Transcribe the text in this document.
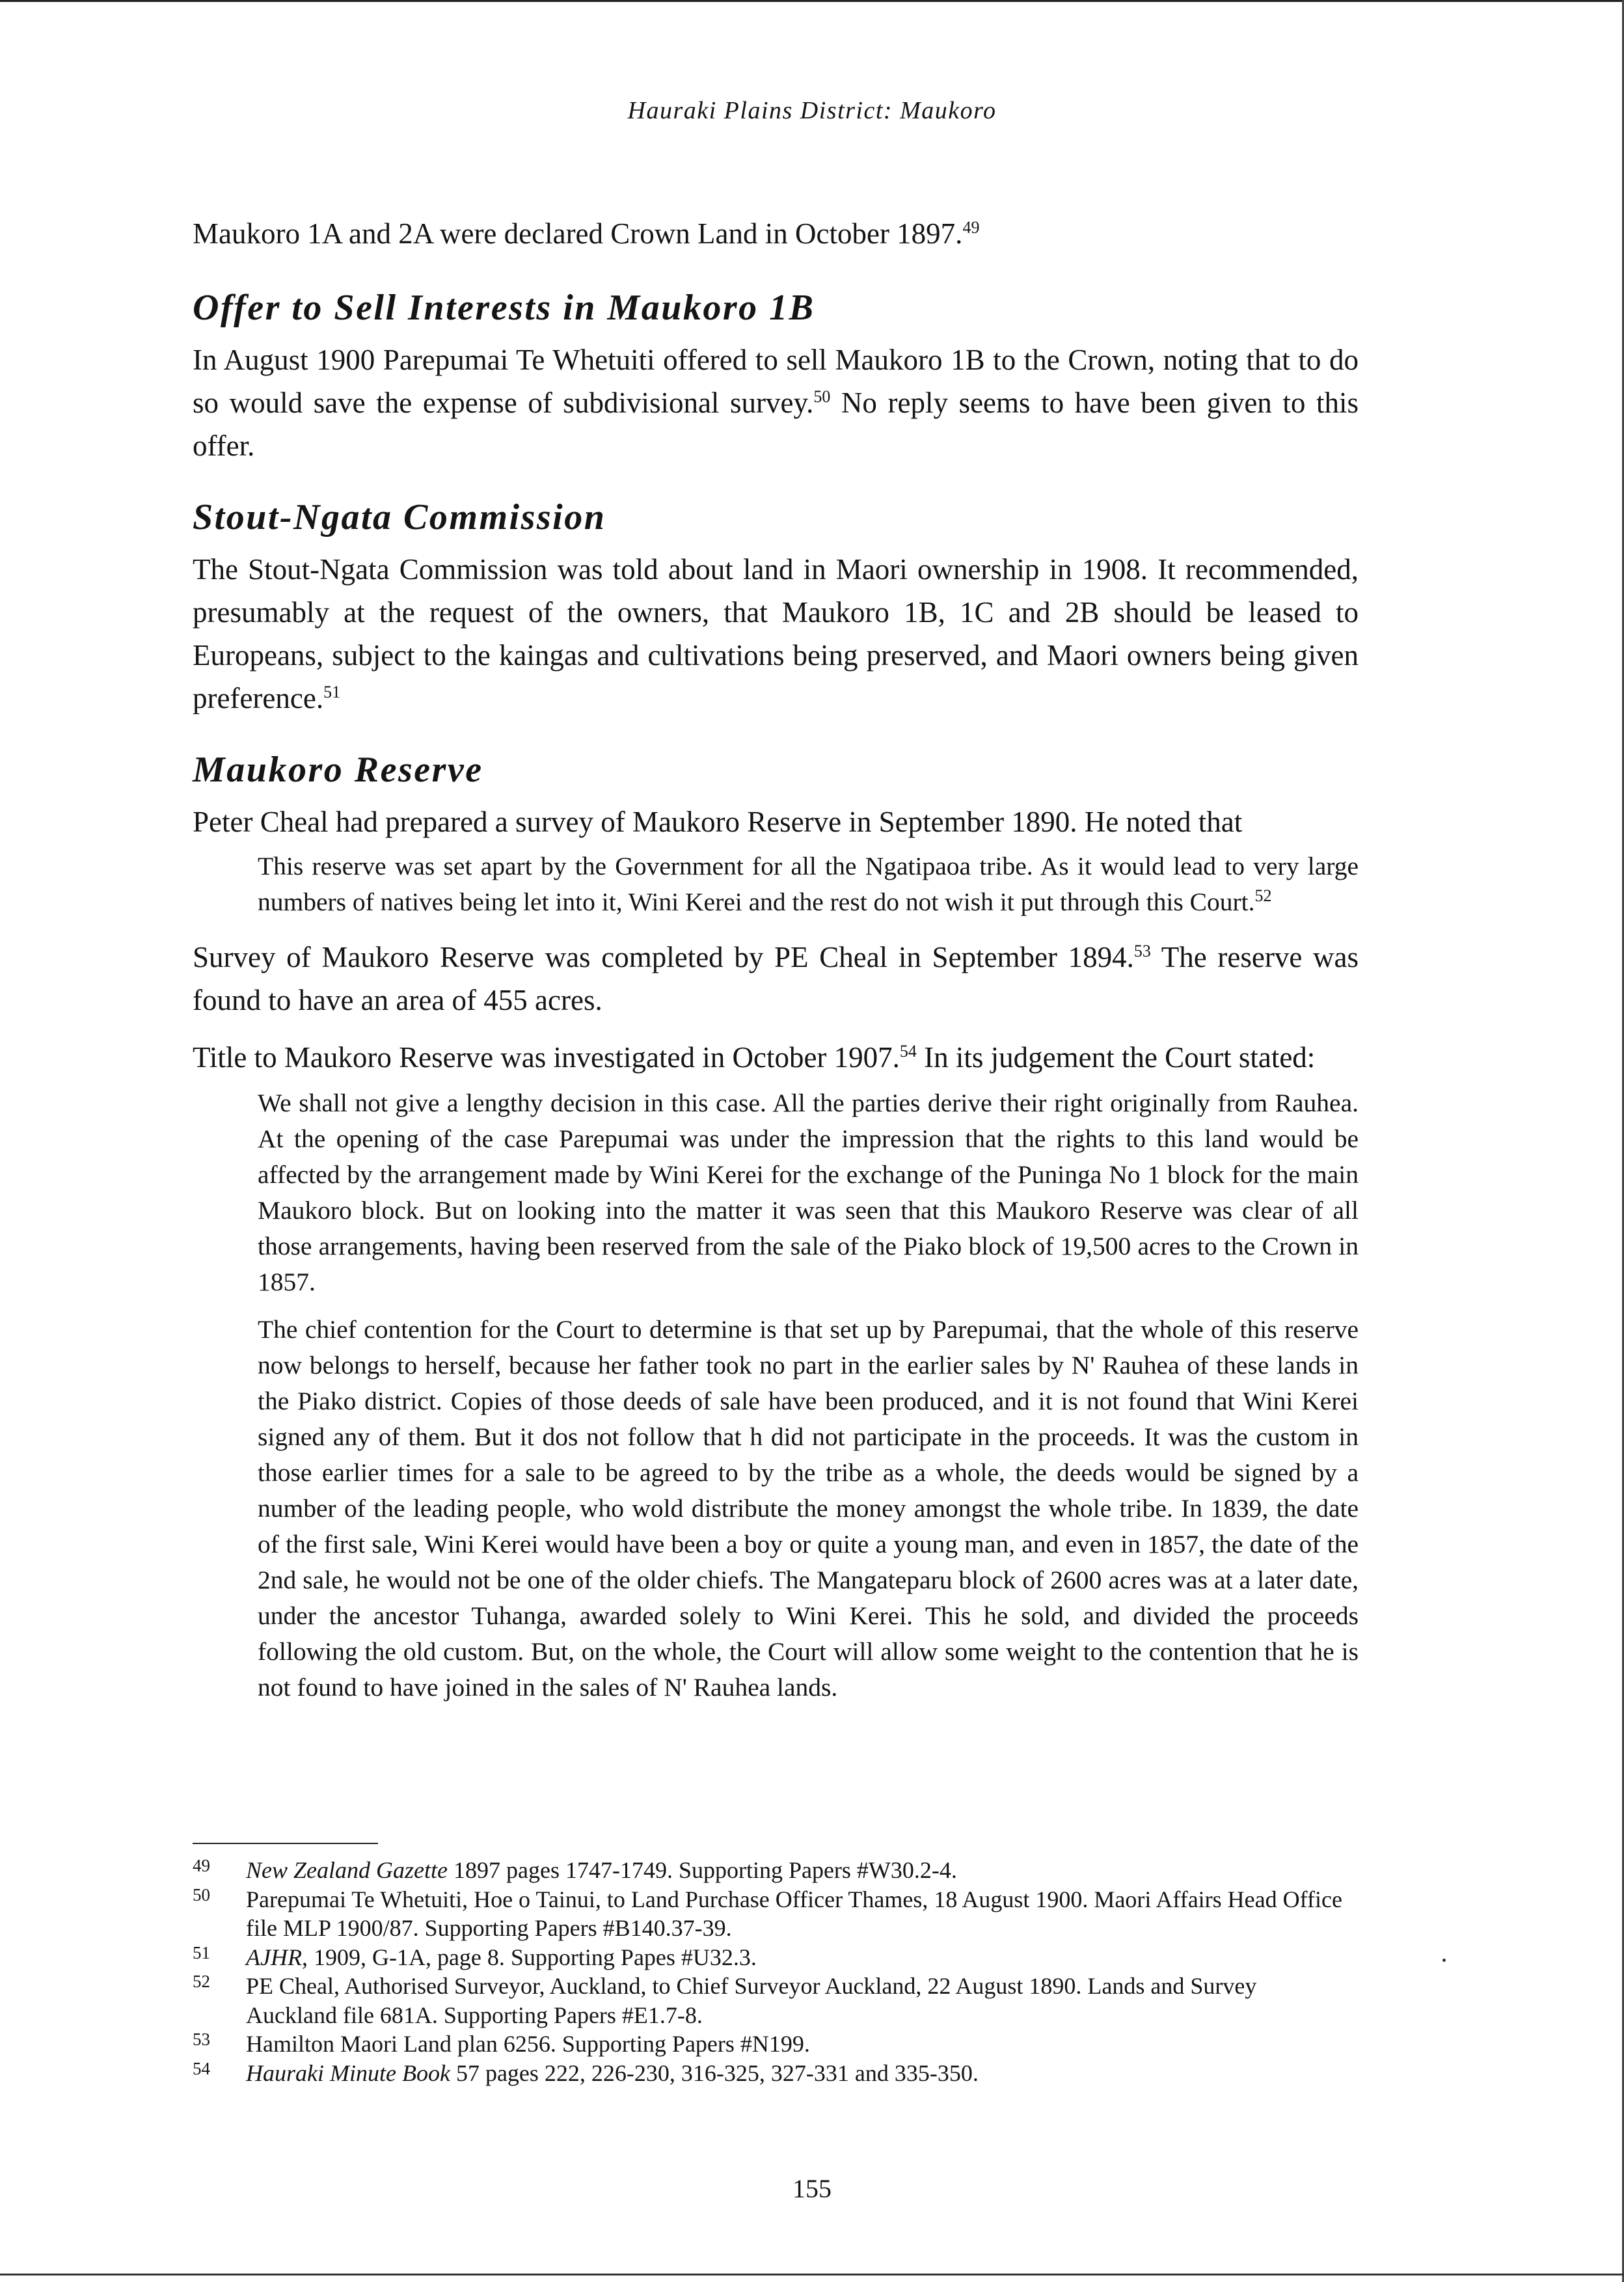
Hauraki Plains District: Maukoro

Maukoro 1A and 2A were declared Crown Land in October 1897.49

Offer to Sell Interests in Maukoro 1B

In August 1900 Parepumai Te Whetuiti offered to sell Maukoro 1B to the Crown, noting that to do so would save the expense of subdivisional survey.$^{50}$ No reply seems to have been given to this offer.

Stout-Ngata Commission

The Stout-Ngata Commission was told about land in Maori ownership in 1908. It recommended, presumably at the request of the owners, that Maukoro 1B, 1C and 2B should be leased to Europeans, subject to the kaingas and cultivations being preserved, and Maori owners being given preference.$^{51}$

Maukoro Reserve

Peter Cheal had prepared a survey of Maukoro Reserve in September 1890. He noted that

This reserve was set apart by the Government for all the Ngatipaoa tribe. As it would lead to very large numbers of natives being let into it, Wini Kerei and the rest do not wish it put through this Court.$^{52}$

Survey of Maukoro Reserve was completed by PE Cheal in September 1894.53 The reserve was found to have an area of 455 acres.

Title to Maukoro Reserve was investigated in October 1907.54 In its judgement the Court stated:

We shall not give a lengthy decision in this case. All the parties derive their right originally from Rauhea. At the opening of the case Parepumai was under the impression that the rights to this land would be affected by the arrangement made by Wini Kerei for the exchange of the Puninga No 1 block for the main Maukoro block. But on looking into the matter it was seen that this Maukoro Reserve was clear of all those arrangements, having been reserved from the sale of the Piako block of 19,500 acres to the Crown in 1857.

The chief contention for the Court to determine is that set up by Parepumai, that the whole of this reserve now belongs to herself, because her father took no part in the earlier sales by N' Rauhea of these lands in the Piako district. Copies of those deeds of sale have been produced, and it is not found that Wini Kerei signed any of them. But it dos not follow that h did not participate in the proceeds. It was the custom in those earlier times for a sale to be agreed to by the tribe as a whole, the deeds would be signed by a number of the leading people, who wold distribute the money amongst the whole tribe. In 1839, the date of the first sale, Wini Kerei would have been a boy or quite a young man, and even in 1857, the date of the 2nd sale, he would not be one of the older chiefs. The Mangateparu block of 2600 acres was at a later date, under the ancestor Tuhanga, awarded solely to Wini Kerei. This he sold, and divided the proceeds following the old custom. But, on the whole, the Court will allow some weight to the contention that he is not found to have joined in the sales of N' Rauhea lands.

49	New Zealand Gazette 1897 pages 1747-1749. Supporting Papers #W30.2-4.
50	Parepumai Te Whetuiti, Hoe o Tainui, to Land Purchase Officer Thames, 18 August 1900. Maori Affairs Head Office file MLP 1900/87. Supporting Papers #B140.37-39.
51	AJHR, 1909, G-1A, page 8. Supporting Papes #U32.3.
52	PE Cheal, Authorised Surveyor, Auckland, to Chief Surveyor Auckland, 22 August 1890. Lands and Survey Auckland file 681A. Supporting Papers #E1.7-8.
53	Hamilton Maori Land plan 6256. Supporting Papers #N199.
54	Hauraki Minute Book 57 pages 222, 226-230, 316-325, 327-331 and 335-350.
155
